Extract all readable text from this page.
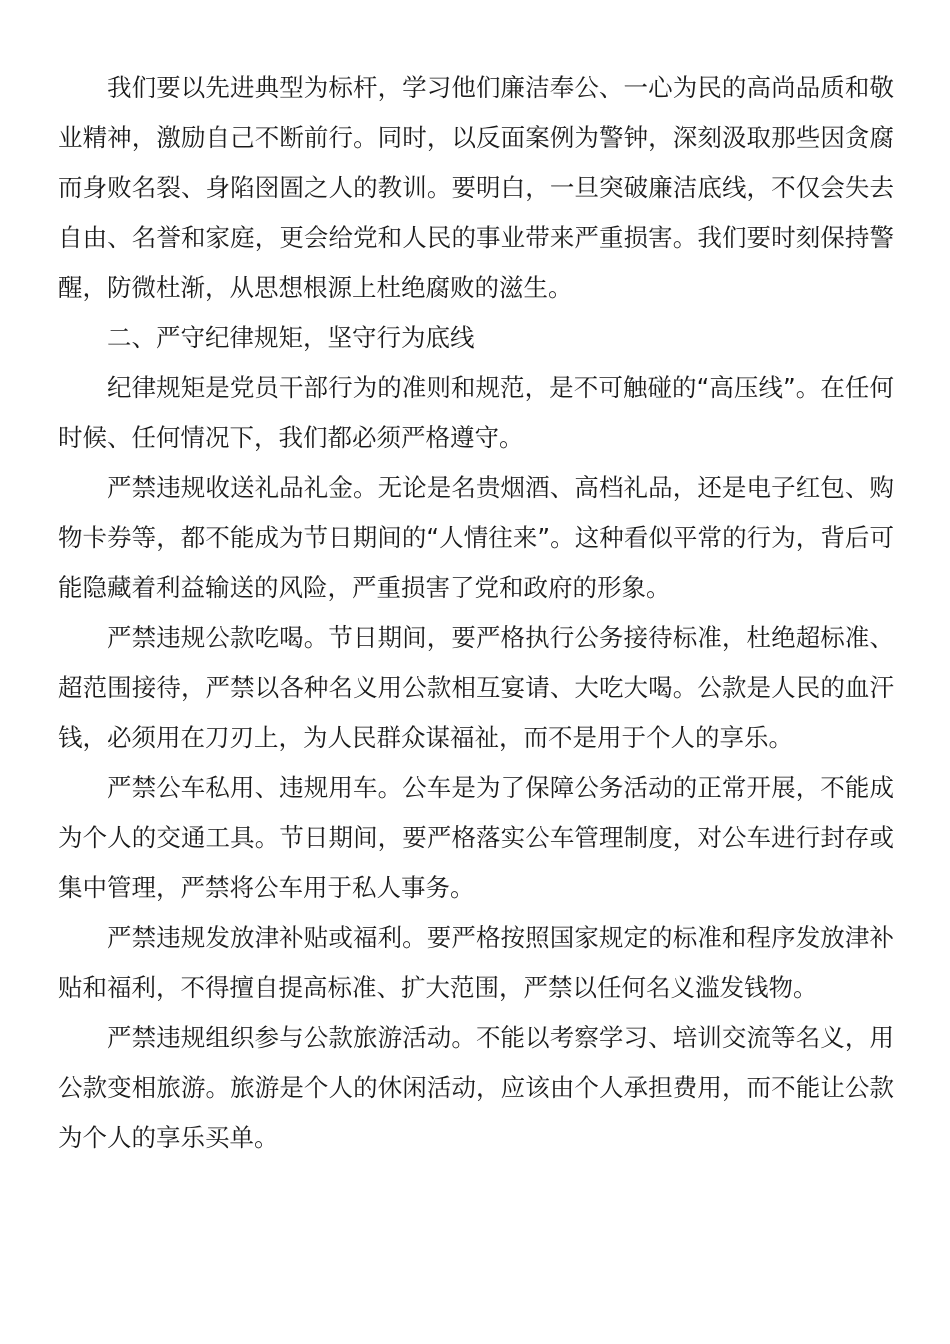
我们要以先进典型为标杆，学习他们廉洁奉公、一心为民的高尚品质和敬业精神，激励自己不断前行。同时，以反面案例为警钟，深刻汲取那些因贪腐而身败名裂、身陷囹圄之人的教训。要明白，一旦突破廉洁底线，不仅会失去自由、名誉和家庭，更会给党和人民的事业带来严重损害。我们要时刻保持警醒，防微杜渐，从思想根源上杜绝腐败的滋生。

二、严守纪律规矩，坚守行为底线

纪律规矩是党员干部行为的准则和规范，是不可触碰的“高压线”。在任何时候、任何情况下，我们都必须严格遵守。

严禁违规收送礼品礼金。无论是名贵烟酒、高档礼品，还是电子红包、购物卡券等，都不能成为节日期间的“人情往来”。这种看似平常的行为，背后可能隐藏着利益输送的风险，严重损害了党和政府的形象。

严禁违规公款吃喝。节日期间，要严格执行公务接待标准，杜绝超标准、超范围接待，严禁以各种名义用公款相互宴请、大吃大喝。公款是人民的血汗钱，必须用在刀刃上，为人民群众谋福祉，而不是用于个人的享乐。

严禁公车私用、违规用车。公车是为了保障公务活动的正常开展，不能成为个人的交通工具。节日期间，要严格落实公车管理制度，对公车进行封存或集中管理，严禁将公车用于私人事务。

严禁违规发放津补贴或福利。要严格按照国家规定的标准和程序发放津补贴和福利，不得擅自提高标准、扩大范围，严禁以任何名义滥发钱物。

严禁违规组织参与公款旅游活动。不能以考察学习、培训交流等名义，用公款变相旅游。旅游是个人的休闲活动，应该由个人承担费用，而不能让公款为个人的享乐买单。
